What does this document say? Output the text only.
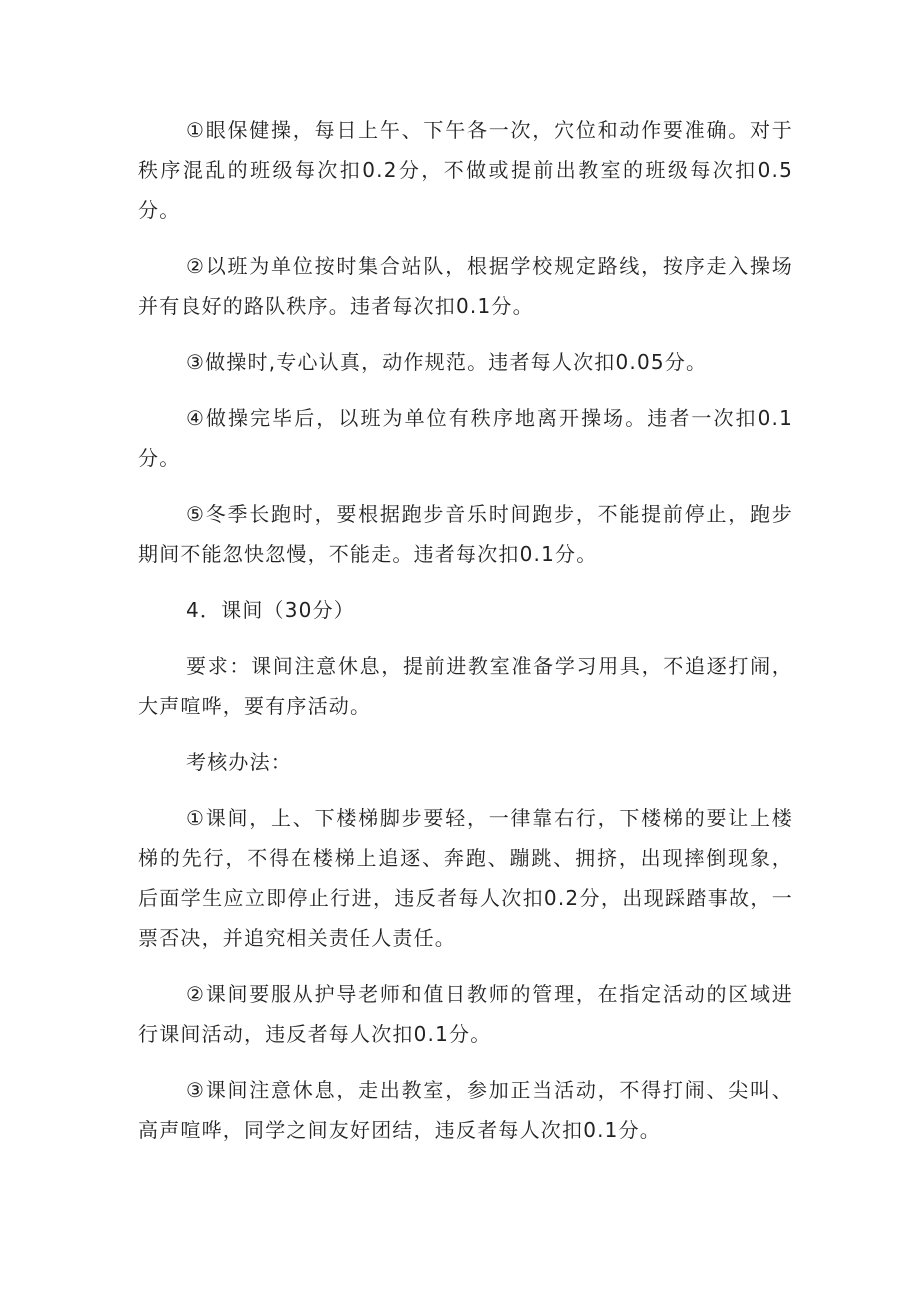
①眼保健操，每日上午、下午各一次，穴位和动作要准确。对于秩序混乱的班级每次扣0.2分，不做或提前出教室的班级每次扣0.5分。

②以班为单位按时集合站队，根据学校规定路线，按序走入操场并有良好的路队秩序。违者每次扣0.1分。

③做操时,专心认真，动作规范。违者每人次扣0.05分。

④做操完毕后，以班为单位有秩序地离开操场。违者一次扣0.1分。

⑤冬季长跑时，要根据跑步音乐时间跑步，不能提前停止，跑步期间不能忽快忽慢，不能走。违者每次扣0.1分。

4．课间（30分）

要求：课间注意休息，提前进教室准备学习用具，不追逐打闹，大声喧哗，要有序活动。

考核办法：

①课间，上、下楼梯脚步要轻，一律靠右行，下楼梯的要让上楼梯的先行，不得在楼梯上追逐、奔跑、蹦跳、拥挤，出现摔倒现象，后面学生应立即停止行进，违反者每人次扣0.2分，出现踩踏事故，一票否决，并追究相关责任人责任。

②课间要服从护导老师和值日教师的管理，在指定活动的区域进行课间活动，违反者每人次扣0.1分。

③课间注意休息，走出教室，参加正当活动，不得打闹、尖叫、高声喧哗，同学之间友好团结，违反者每人次扣0.1分。
